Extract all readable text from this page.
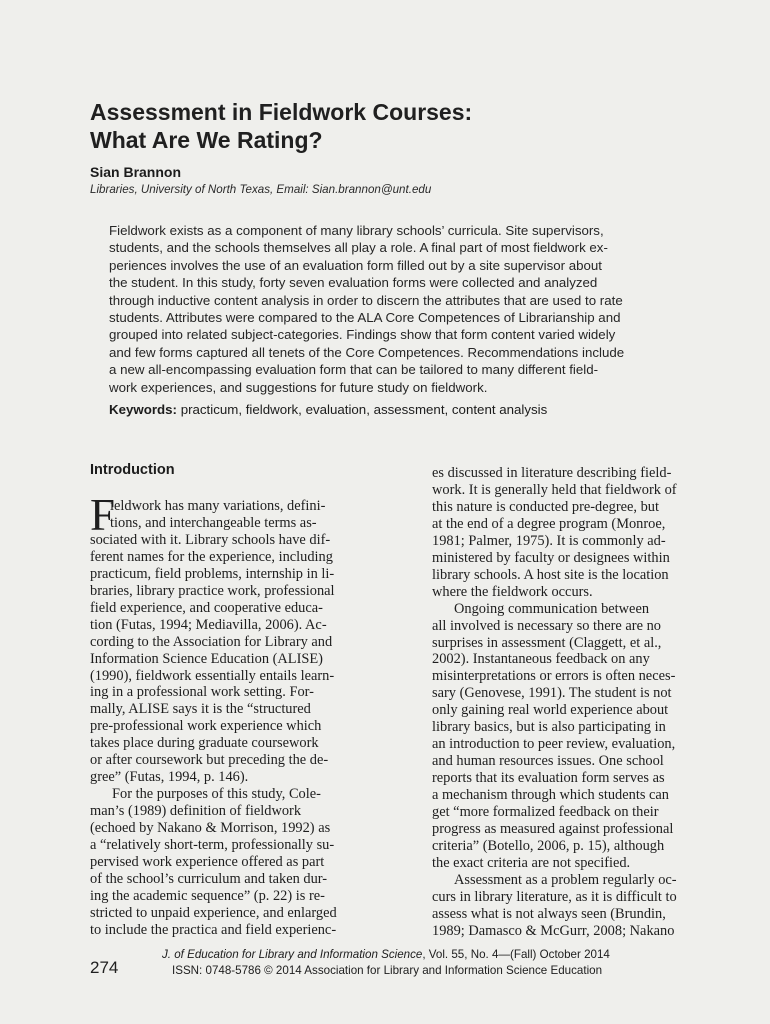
Assessment in Fieldwork Courses:
What Are We Rating?
Sian Brannon
Libraries, University of North Texas, Email: Sian.brannon@unt.edu
Fieldwork exists as a component of many library schools’ curricula. Site supervisors,
students, and the schools themselves all play a role. A final part of most fieldwork ex-
periences involves the use of an evaluation form filled out by a site supervisor about
the student. In this study, forty seven evaluation forms were collected and analyzed
through inductive content analysis in order to discern the attributes that are used to rate
students. Attributes were compared to the ALA Core Competences of Librarianship and
grouped into related subject-categories. Findings show that form content varied widely
and few forms captured all tenets of the Core Competences. Recommendations include
a new all-encompassing evaluation form that can be tailored to many different field-
work experiences, and suggestions for future study on fieldwork.
Keywords: practicum, fieldwork, evaluation, assessment, content analysis
Introduction
F
ieldwork has many variations, defini-
tions, and interchangeable terms as-
sociated with it. Library schools have dif-
ferent names for the experience, including
practicum, field problems, internship in li-
braries, library practice work, professional
field experience, and cooperative educa-
tion (Futas, 1994; Mediavilla, 2006). Ac-
cording to the Association for Library and
Information Science Education (ALISE)
(1990), fieldwork essentially entails learn-
ing in a professional work setting. For-
mally, ALISE says it is the “structured
pre-professional work experience which
takes place during graduate coursework
or after coursework but preceding the de-
gree” (Futas, 1994, p. 146).
For the purposes of this study, Cole-
man’s (1989) definition of fieldwork
(echoed by Nakano & Morrison, 1992) as
a “relatively short-term, professionally su-
pervised work experience offered as part
of the school’s curriculum and taken dur-
ing the academic sequence” (p. 22) is re-
stricted to unpaid experience, and enlarged
to include the practica and field experienc-
es discussed in literature describing field-
work. It is generally held that fieldwork of
this nature is conducted pre-degree, but
at the end of a degree program (Monroe,
1981; Palmer, 1975). It is commonly ad-
ministered by faculty or designees within
library schools. A host site is the location
where the fieldwork occurs.
Ongoing communication between
all involved is necessary so there are no
surprises in assessment (Claggett, et al.,
2002). Instantaneous feedback on any
misinterpretations or errors is often neces-
sary (Genovese, 1991). The student is not
only gaining real world experience about
library basics, but is also participating in
an introduction to peer review, evaluation,
and human resources issues. One school
reports that its evaluation form serves as
a mechanism through which students can
get “more formalized feedback on their
progress as measured against professional
criteria” (Botello, 2006, p. 15), although
the exact criteria are not specified.
Assessment as a problem regularly oc-
curs in library literature, as it is difficult to
assess what is not always seen (Brundin,
1989; Damasco & McGurr, 2008; Nakano
J. of Education for Library and Information Science, Vol. 55, No. 4—(Fall) October 2014
ISSN: 0748-5786 © 2014 Association for Library and Information Science Education
274
